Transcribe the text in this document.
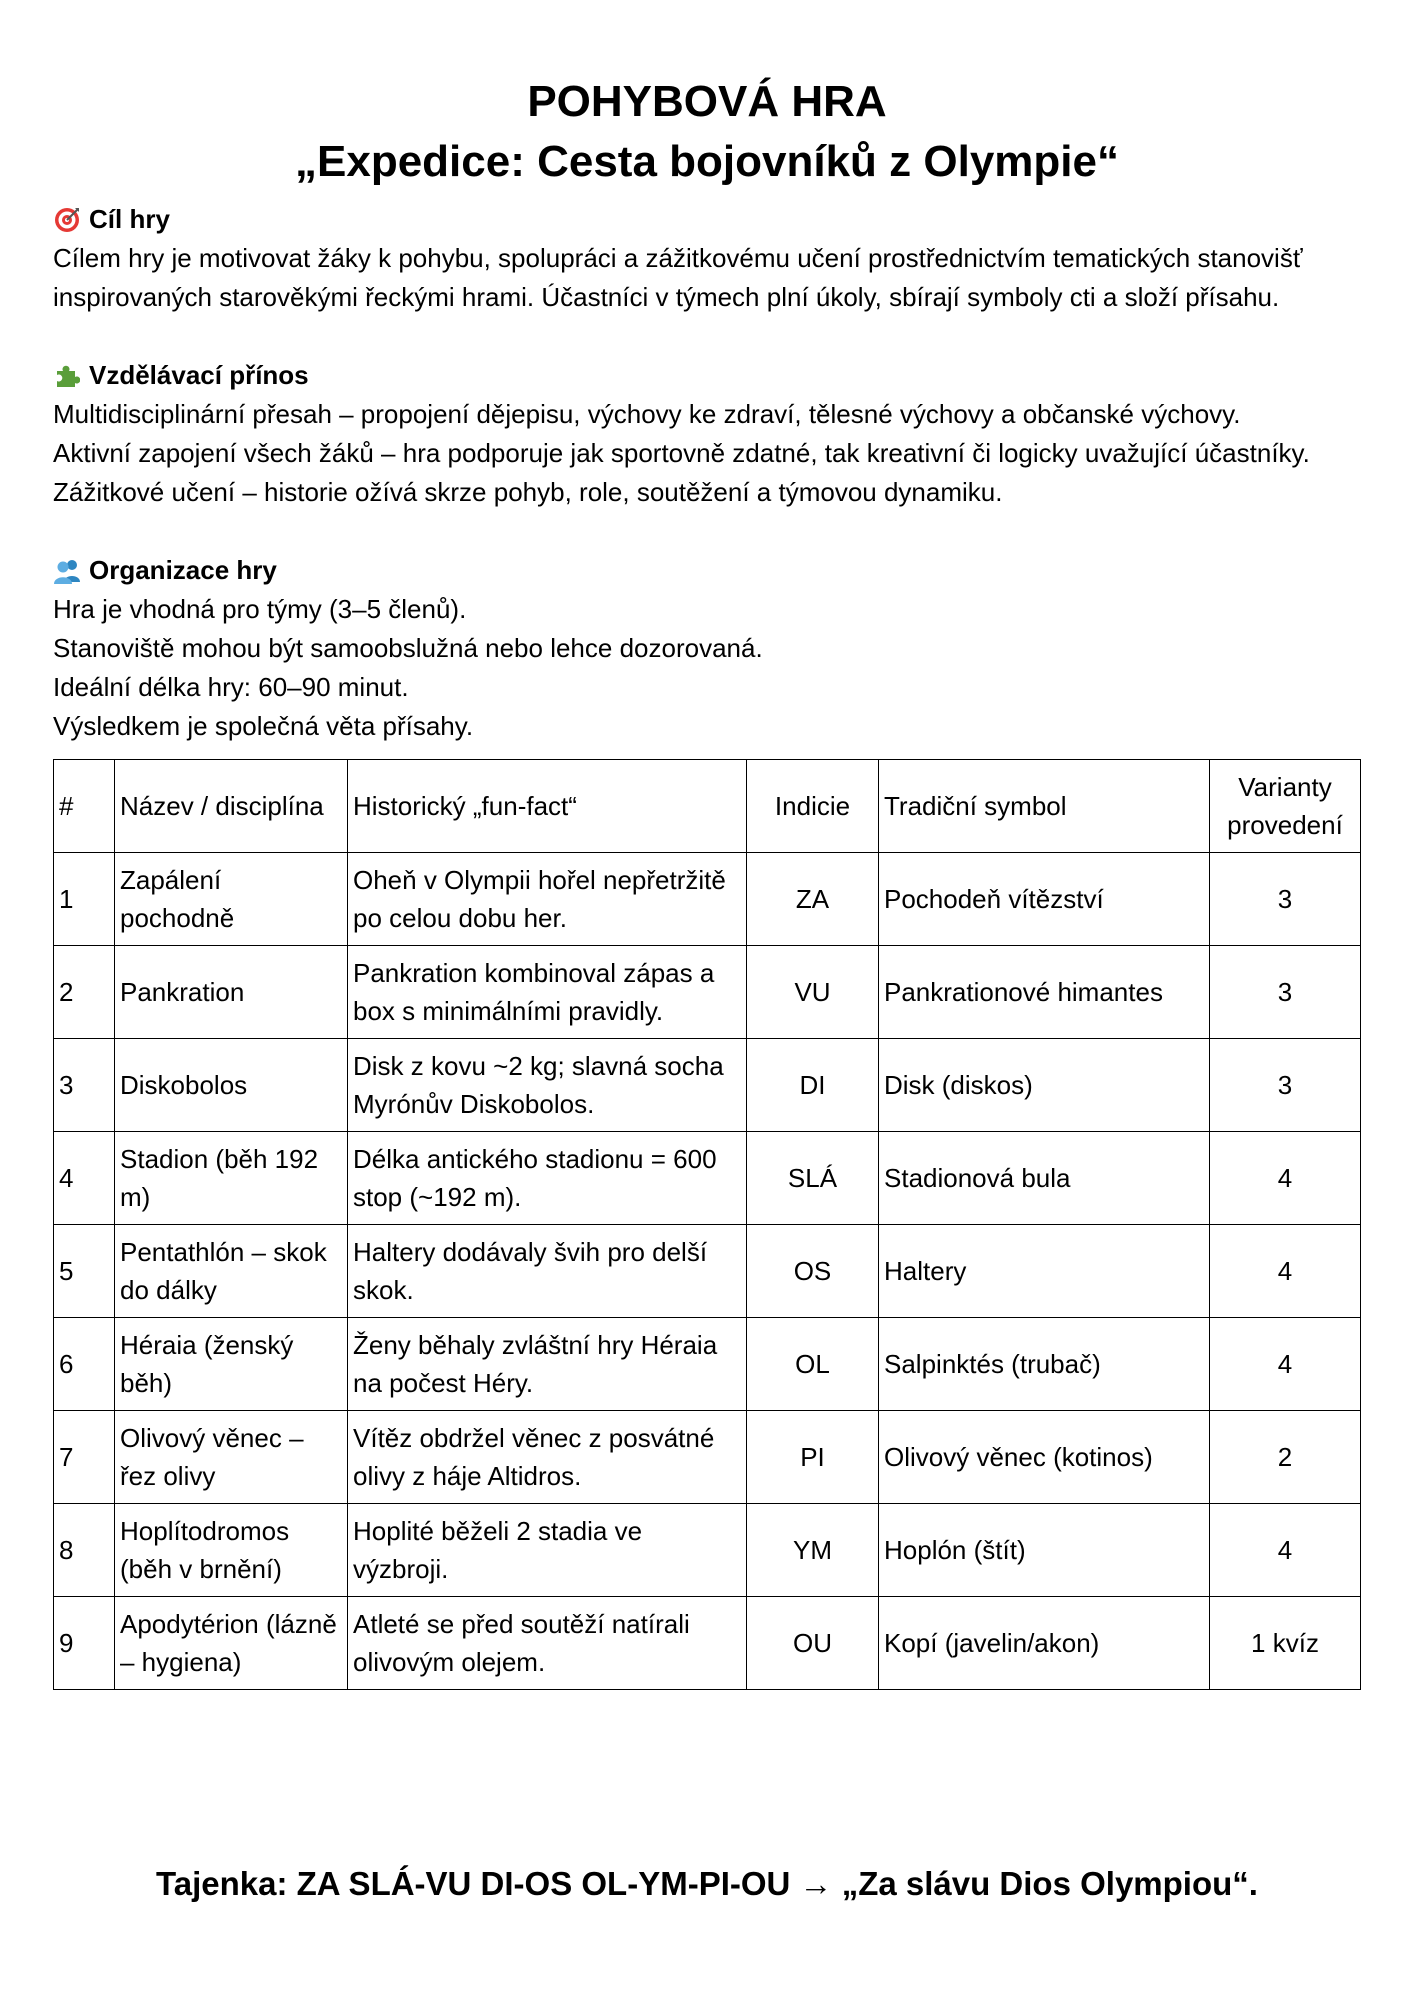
POHYBOVÁ HRA
„Expedice: Cesta bojovníků z Olympie“
Cíl hry

Cílem hry je motivovat žáky k pohybu, spolupráci a zážitkovému učení prostřednictvím tematických stanovišť inspirovaných starověkými řeckými hrami. Účastníci v týmech plní úkoly, sbírají symboly cti a složí přísahu.

Vzdělávací přínos

Multidisciplinární přesah – propojení dějepisu, výchovy ke zdraví, tělesné výchovy a občanské výchovy.

Aktivní zapojení všech žáků – hra podporuje jak sportovně zdatné, tak kreativní či logicky uvažující účastníky.

Zážitkové učení – historie ožívá skrze pohyb, role, soutěžení a týmovou dynamiku.

Organizace hry

Hra je vhodná pro týmy (3–5 členů).

Stanoviště mohou být samoobslužná nebo lehce dozorovaná.

Ideální délka hry: 60–90 minut.

Výsledkem je společná věta přísahy.

#	Název / disciplína	Historický „fun-fact“	Indicie	Tradiční symbol	Varianty provedení
1	Zapálení pochodně	Oheň v Olympii hořel nepřetržitě po celou dobu her.	ZA	Pochodeň vítězství	3
2	Pankration	Pankration kombinoval zápas a box s minimálními pravidly.	VU	Pankrationové himantes	3
3	Diskobolos	Disk z kovu ~2 kg; slavná socha Myrónův Diskobolos.	DI	Disk (diskos)	3
4	Stadion (běh 192 m)	Délka antického stadionu = 600 stop (~192 m).	SLÁ	Stadionová bula	4
5	Pentathlón – skok do dálky	Haltery dodávaly švih pro delší skok.	OS	Haltery	4
6	Héraia (ženský běh)	Ženy běhaly zvláštní hry Héraia na počest Héry.	OL	Salpinktés (trubač)	4
7	Olivový věnec – řez olivy	Vítěz obdržel věnec z posvátné olivy z háje Altidros.	PI	Olivový věnec (kotinos)	2
8	Hoplítodromos (běh v brnění)	Hoplité běželi 2 stadia ve výzbroji.	YM	Hoplón (štít)	4
9	Apodytérion (lázně – hygiena)	Atleté se před soutěží natírali olivovým olejem.	OU	Kopí (javelin/akon)	1 kvíz
Tajenka: ZA SLÁ-VU DI-OS OL-YM-PI-OU → „Za slávu Dios Olympiou“.
